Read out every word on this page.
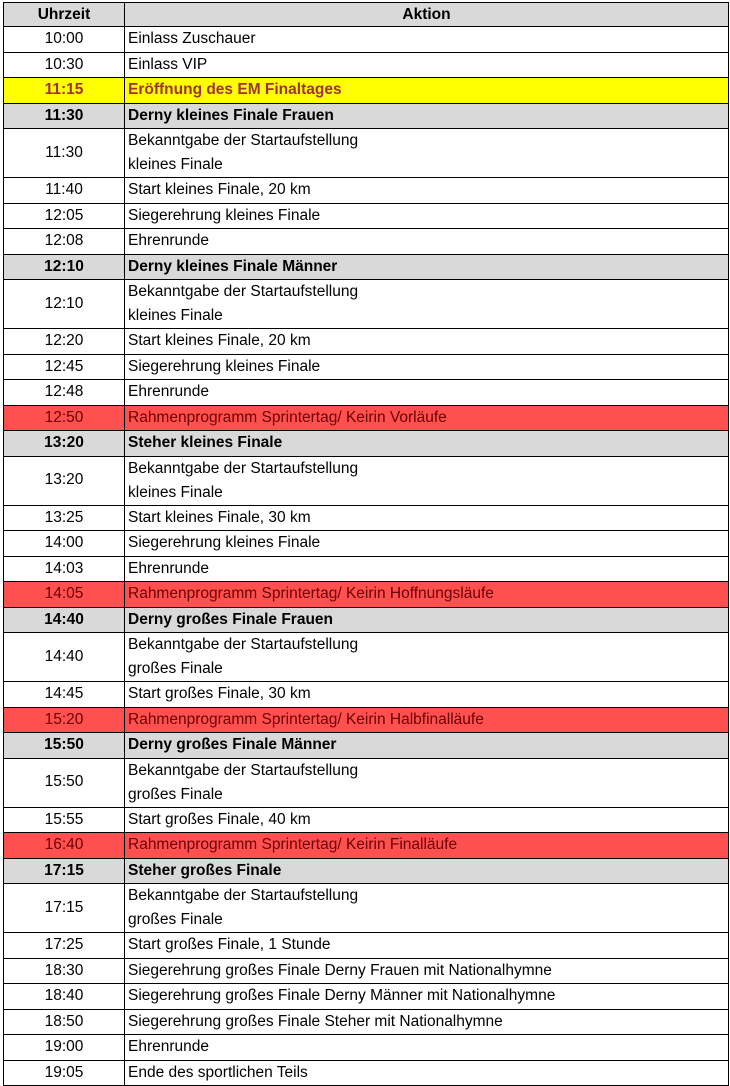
Uhrzeit	Aktion
10:00	Einlass Zuschauer

10:30	Einlass VIP

11:15	Eröffnung des EM Finaltages

11:30	Derny kleines Finale Frauen

11:30	Bekanntgabe der Startaufstellung
kleines Finale

11:40	Start kleines Finale, 20 km

12:05	Siegerehrung kleines Finale

12:08	Ehrenrunde

12:10	Derny kleines Finale Männer

12:10	Bekanntgabe der Startaufstellung
kleines Finale

12:20	Start kleines Finale, 20 km

12:45	Siegerehrung kleines Finale

12:48	Ehrenrunde

12:50	Rahmenprogramm Sprintertag/ Keirin Vorläufe

13:20	Steher kleines Finale

13:20	Bekanntgabe der Startaufstellung
kleines Finale

13:25	Start kleines Finale, 30 km

14:00	Siegerehrung kleines Finale

14:03	Ehrenrunde

14:05	Rahmenprogramm Sprintertag/ Keirin Hoffnungsläufe

14:40	Derny großes Finale Frauen

14:40	Bekanntgabe der Startaufstellung
großes Finale

14:45	Start großes Finale, 30 km

15:20	Rahmenprogramm Sprintertag/ Keirin Halbfinalläufe

15:50	Derny großes Finale Männer

15:50	Bekanntgabe der Startaufstellung
großes Finale

15:55	Start großes Finale, 40 km

16:40	Rahmenprogramm Sprintertag/ Keirin Finalläufe

17:15	Steher großes Finale

17:15	Bekanntgabe der Startaufstellung
großes Finale

17:25	Start großes Finale, 1 Stunde

18:30	Siegerehrung großes Finale Derny Frauen mit Nationalhymne

18:40	Siegerehrung großes Finale Derny Männer mit Nationalhymne

18:50	Siegerehrung großes Finale Steher mit Nationalhymne

19:00	Ehrenrunde

19:05	Ende des sportlichen Teils
